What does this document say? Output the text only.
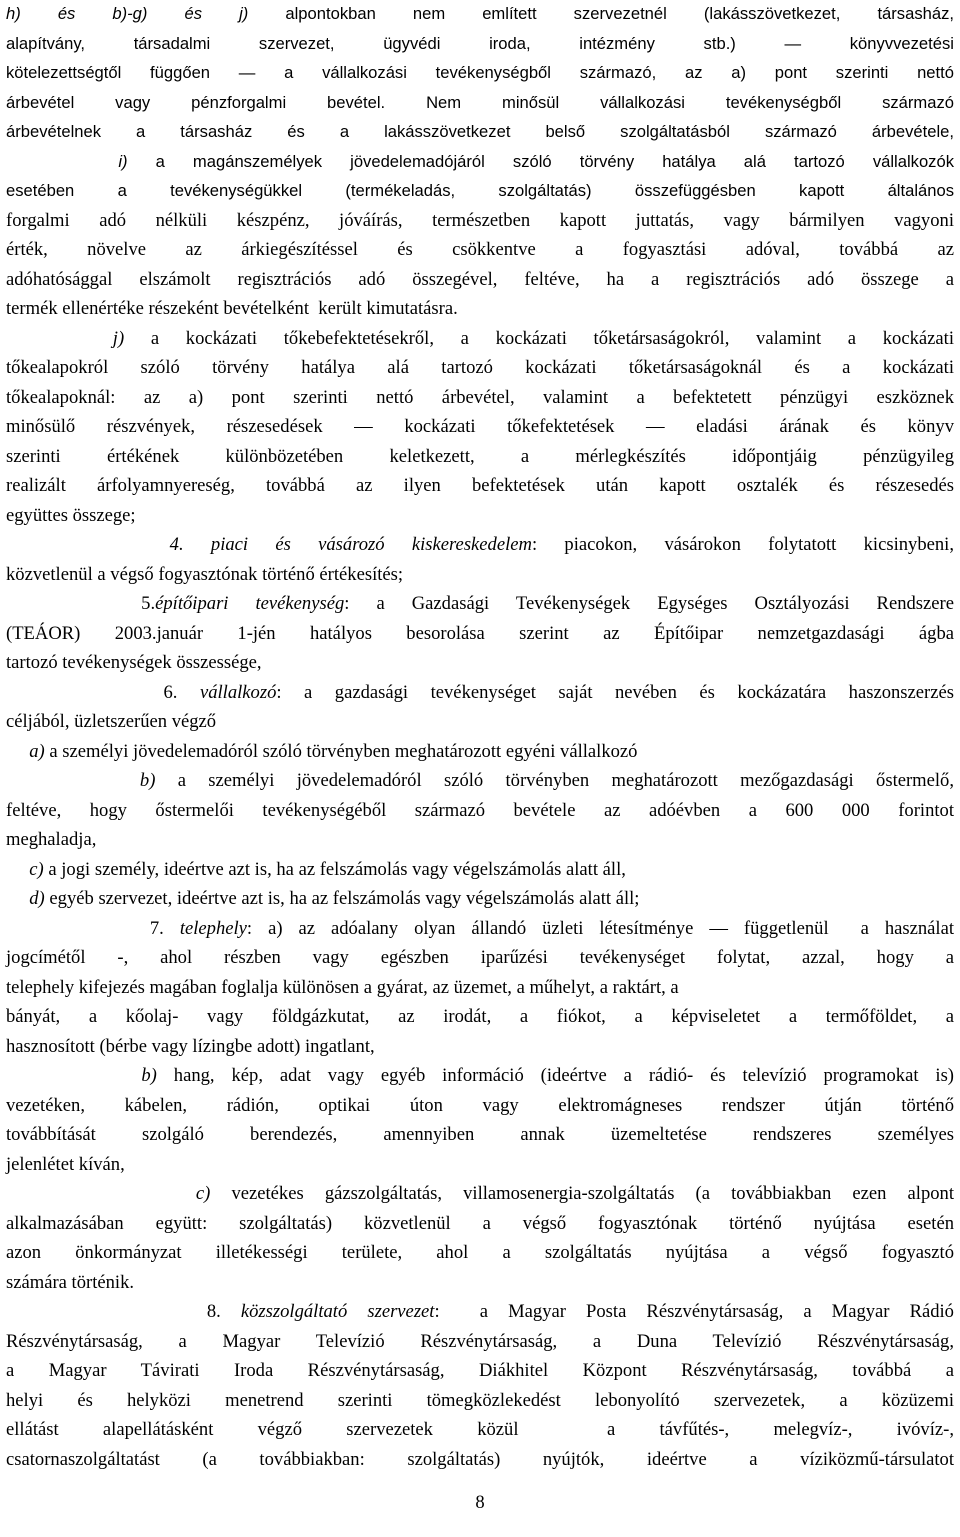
h) és b)-g) és j) alpontokban nem említett szervezetnél (lakásszövetkezet, társasház,
alapítvány, társadalmi szervezet, ügyvédi iroda, intézmény stb.) — könyvvezetési
kötelezettségtől függően — a vállalkozási tevékenységből származó, az a) pont szerinti nettó
árbevétel vagy pénzforgalmi bevétel. Nem minősül vállalkozási tevékenységből származó
árbevételnek a társasház és a lakásszövetkezet belső szolgáltatásból származó árbevétele,
i) a magánszemélyek jövedelemadójáról szóló törvény hatálya alá tartozó vállalkozók
esetében a tevékenységükkel (termékeladás, szolgáltatás) összefüggésben kapott általános
forgalmi adó nélküli készpénz, jóváírás, természetben kapott juttatás, vagy bármilyen vagyoni
érték, növelve az árkiegészítéssel és csökkentve a fogyasztási adóval, továbbá az
adóhatósággal elszámolt regisztrációs adó összegével, feltéve, ha a regisztrációs adó összege a
termék ellenértéke részeként bevételként  került kimutatásra.
j) a kockázati tőkebefektetésekről, a kockázati tőketársaságokról, valamint a kockázati
tőkealapokról szóló törvény hatálya alá tartozó kockázati tőketársaságoknál és a kockázati
tőkealapoknál: az a) pont szerinti nettó árbevétel, valamint a befektetett pénzügyi eszköznek
minősülő részvények, részesedések — kockázati tőkefektetések — eladási árának és könyv
szerinti értékének különbözetében keletkezett, a mérlegkészítés időpontjáig pénzügyileg
realizált árfolyamnyereség, továbbá az ilyen befektetések után kapott osztalék és részesedés
együttes összege;
4. piaci és vásározó kiskereskedelem: piacokon, vásárokon folytatott kicsinybeni,
közvetlenül a végső fogyasztónak történő értékesítés;
5.építőipari tevékenység: a Gazdasági Tevékenységek Egységes Osztályozási Rendszere
(TEÁOR) 2003.január 1-jén hatályos besorolása szerint az Építőipar nemzetgazdasági ágba
tartozó tevékenységek összessége,
6. vállalkozó: a gazdasági tevékenységet saját nevében és kockázatára haszonszerzés
céljából, üzletszerűen végző
a) a személyi jövedelemadóról szóló törvényben meghatározott egyéni vállalkozó
b) a személyi jövedelemadóról szóló törvényben meghatározott mezőgazdasági őstermelő,
feltéve, hogy őstermelői tevékenységéből származó bevétele az adóévben a 600 000 forintot
meghaladja,
c) a jogi személy, ideértve azt is, ha az felszámolás vagy végelszámolás alatt áll,
d) egyéb szervezet, ideértve azt is, ha az felszámolás vagy végelszámolás alatt áll;
7. telephely: a) az adóalany olyan állandó üzleti létesítménye — függetlenül  a használat
jogcímétől -, ahol részben vagy egészben iparűzési tevékenységet folytat, azzal, hogy a
telephely kifejezés magában foglalja különösen a gyárat, az üzemet, a műhelyt, a raktárt, a
bányát, a kőolaj- vagy földgázkutat, az irodát, a fiókot, a képviseletet a termőföldet, a
hasznosított (bérbe vagy lízingbe adott) ingatlant,
b) hang, kép, adat vagy egyéb információ (ideértve a rádió- és televízió programokat is)
vezetéken, kábelen, rádión, optikai úton vagy elektromágneses rendszer útján történő
továbbítását szolgáló berendezés, amennyiben annak üzemeltetése rendszeres személyes
jelenlétet kíván,
c) vezetékes gázszolgáltatás, villamosenergia-szolgáltatás (a továbbiakban ezen alpont
alkalmazásában együtt: szolgáltatás) közvetlenül a végső fogyasztónak történő nyújtása esetén
azon önkormányzat illetékességi területe, ahol a szolgáltatás nyújtása a végső fogyasztó
számára történik.
8. közszolgáltató szervezet:  a Magyar Posta Részvénytársaság, a Magyar Rádió
Részvénytársaság, a Magyar Televízió Részvénytársaság, a Duna Televízió Részvénytársaság,
a Magyar Távirati Iroda Részvénytársaság, Diákhitel Központ Részvénytársaság, továbbá a
helyi és helyközi menetrend szerinti tömegközlekedést lebonyolító szervezetek, a közüzemi
ellátást alapellátásként végző szervezetek közül  a távfűtés-, melegvíz-, ivóvíz-,
csatornaszolgáltatást (a továbbiakban: szolgáltatás) nyújtók, ideértve a víziközmű-társulatot
8
